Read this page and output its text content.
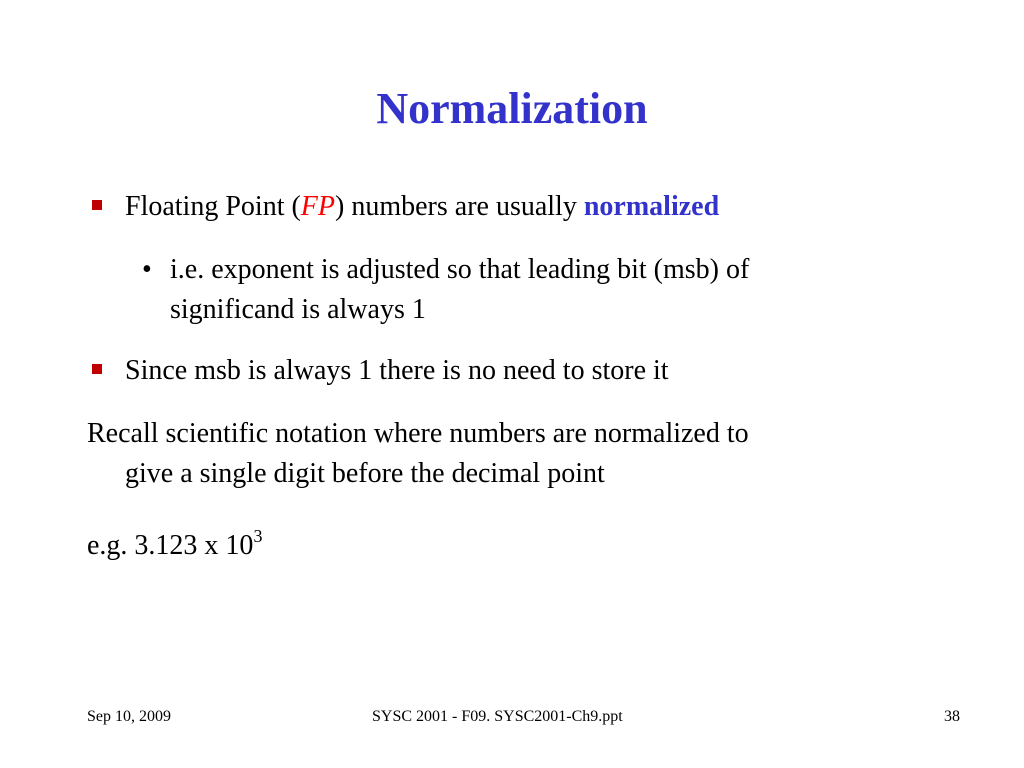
Normalization
Floating Point (FP) numbers are usually normalized
• i.e. exponent is adjusted so that leading bit (msb) of
significand is always 1
Since msb is always 1 there is no need to store it
Recall scientific notation where numbers are normalized to
give a single digit before the decimal point
e.g. 3.123 x $10^3$
Sep 10, 2009	SYSC 2001 - F09. SYSC2001-Ch9.ppt	38
